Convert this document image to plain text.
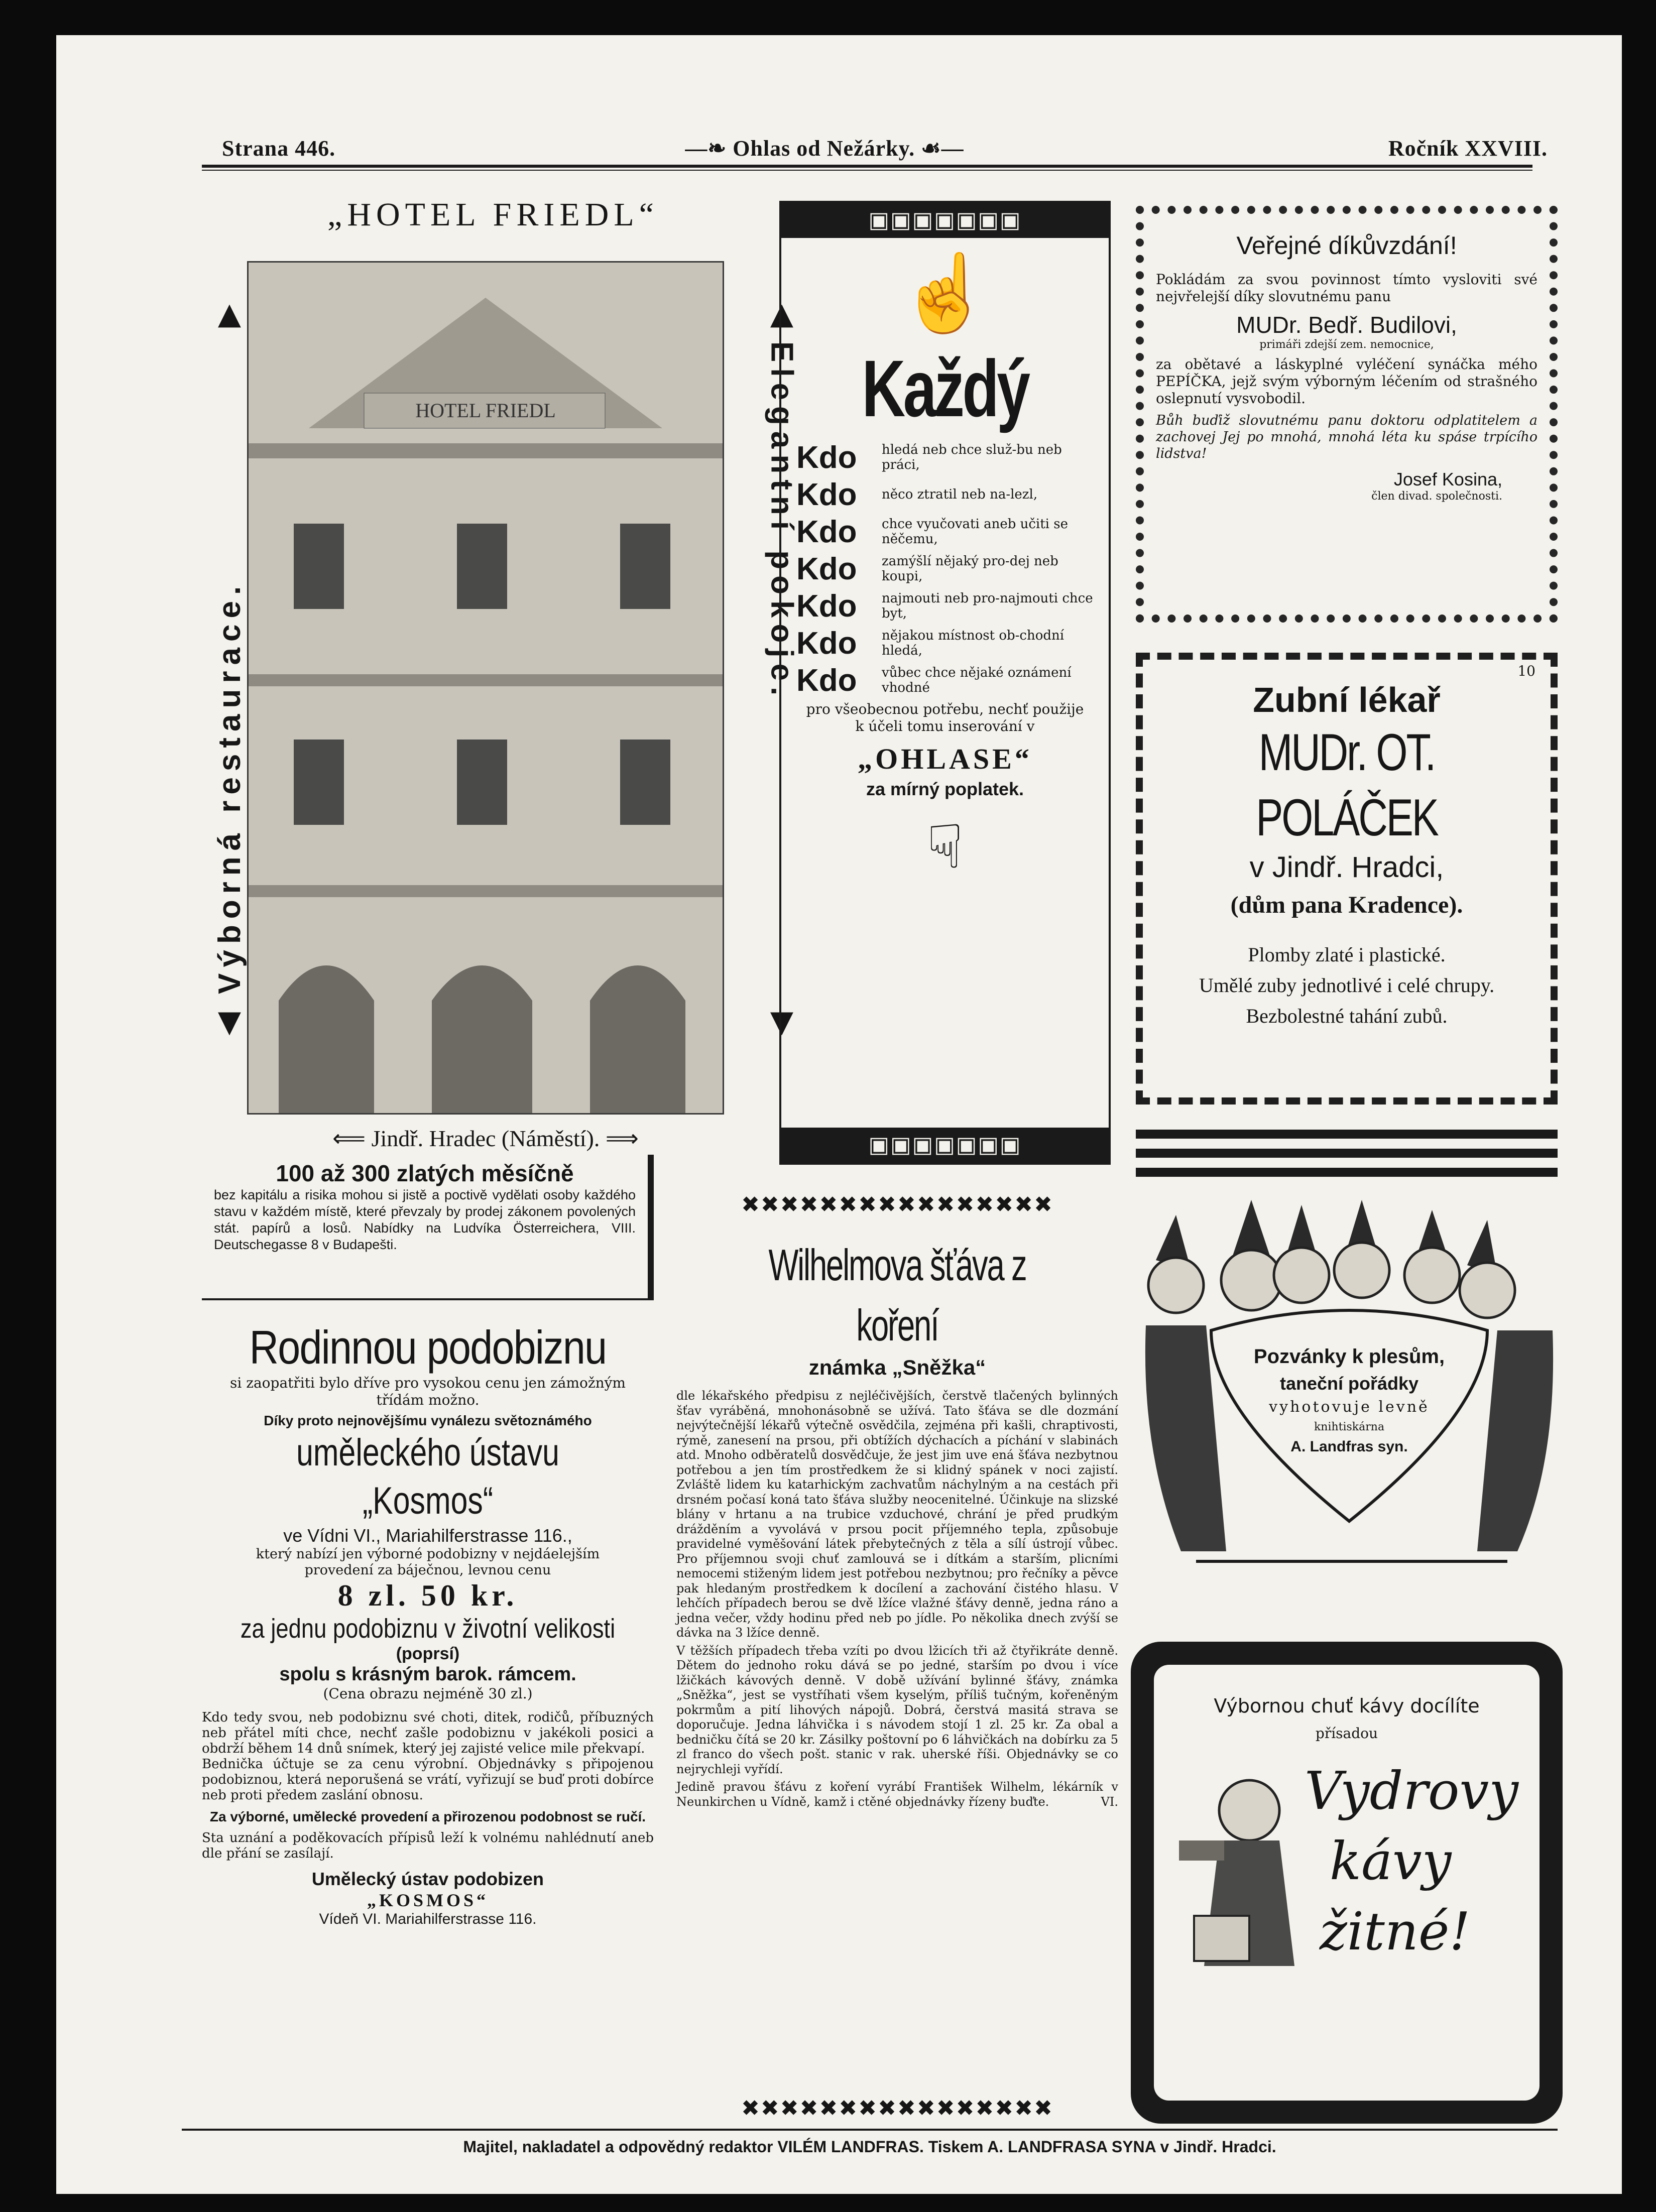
Strana 446.	—❧ Ohlas od Nežárky. ☙—	Ročník XXVIII.
„HOTEL FRIEDL“
▲
Výborná restaurace.
▼
HOTEL FRIEDL
▲
Elegantní pokoje.
▼
⟸ Jindř. Hradec (Náměstí). ⟹
▣▣▣▣▣▣▣
☝
Každý
Kdo	hledá neb chce služ-bu neb práci,
Kdo	něco ztratil neb na-lezl,
Kdo	chce vyučovati aneb učiti se něčemu,
Kdo	zamýšlí nějaký pro-dej neb koupi,
Kdo	najmouti neb pro-najmouti chce byt,
Kdo	nějakou místnost ob-chodní hledá,
Kdo	vůbec chce nějaké oznámení vhodné
pro všeobecnou potřebu, nechť použije k účeli tomu inserování v
„OHLASE“
za mírný poplatek.
☟
▣▣▣▣▣▣▣
Veřejné díkůvzdání!
Pokládám za svou povinnost tímto vysloviti své nejvřelejší díky slovutnému panu
MUDr. Bedř. Budilovi,
primáři zdejší zem. nemocnice,
za obětavé a láskyplné vyléčení synáčka mého PEPÍČKA, jejž svým výborným léčením od strašného oslepnutí vysvobodil.
Bůh buďiž slovutnému panu doktoru odplatitelem a zachovej Jej po mnohá, mnohá léta ku spáse trpícího lidstva!
Josef Kosina,
člen divad. společnosti.
10
Zubní lékař
MUDr. OT. POLÁČEK
v Jindř. Hradci,
(dům pana Kradence).
Plomby zlaté i plastické.
Umělé zuby jednotlivé i celé chrupy.
Bezbolestné tahání zubů.
100 až 300 zlatých měsíčně
bez kapitálu a risika mohou si jistě a poctivě vydělati osoby každého stavu v každém místě, které převzaly by prodej zákonem povolených stát. papírů a losů. Nabídky na Ludvíka Österreichera, VIII. Deutschegasse 8 v Budapešti.
Rodinnou podobiznu
si zaopatřiti bylo dříve pro vysokou cenu jen zámožným třídám možno.
Díky proto nejnovějšímu vynálezu světoznámého
uměleckého ústavu „Kosmos“
ve Vídni VI., Mariahilferstrasse 116.,
který nabízí jen výborné podobizny v nejdáelejším provedení za báječnou, levnou cenu
8 zl. 50 kr.
za jednu podobiznu v životní velikosti
(poprsí)
spolu s krásným barok. rámcem.
(Cena obrazu nejméně 30 zl.)
Kdo tedy svou, neb podobiznu své choti, ditek, rodičů, příbuzných neb přátel míti chce, nechť zašle podobiznu v jakékoli posici a obdrží během 14 dnů snímek, který jej zajisté velice mile překvapí.
Bednička účtuje se za cenu výrobní. Objednávky s připojenou podobiznou, která neporušená se vrátí, vyřizují se buď proti dobírce neb proti předem zaslání obnosu.
Za výborné, umělecké provedení a přirozenou podobnost se ručí.
Sta uznání a poděkovacích přípisů leží k volnému nahlédnutí aneb dle přání se zasílají.
Umělecký ústav podobizen
„KOSMOS“
Vídeň VI. Mariahilferstrasse 116.
✖✖✖✖✖✖✖✖✖✖✖✖✖✖✖✖
Wilhelmova šťáva z koření
známka „Sněžka“
dle lékařského předpisu z nejléčivějších, čerstvě tlačených bylinných šťav vyráběná, mnohonásobně se užívá. Tato šťáva se dle dozmání nejvýtečnější lékařů výtečně osvědčila, zejména při kašli, chraptivosti, rýmě, zanesení na prsou, při obtížích dýchacích a píchání v slabinách atd. Mnoho odběratelů dosvědčuje, že jest jim uve ená šťáva nezbytnou potřebou a jen tím prostředkem že si klidný spánek v noci zajistí. Zvláště lidem ku katarhickým zachvatům náchylným a na cestách při drsném počasí koná tato šťáva služby neocenitelné. Účinkuje na slizské blány v hrtanu a na trubice vzduchové, chrání je před prudkým drážděním a vyvolává v prsou pocit příjemného tepla, způsobuje pravidelné vyměšování látek přebytečných z těla a sílí ústrojí vůbec. Pro příjemnou svoji chuť zamlouvá se i dítkám a starším, plicními nemocemi stiženým lidem jest potřebou nezbytnou; pro řečníky a pěvce pak hledaným prostředkem k docílení a zachování čistého hlasu. V lehčích případech berou se dvě lžíce vlažné šťávy denně, jedna ráno a jedna večer, vždy hodinu před neb po jídle. Po několika dnech zvýší se dávka na 3 lžíce denně.
V těžších případech třeba vzíti po dvou lžicích tři až čtyřikráte denně. Dětem do jednoho roku dává se po jedné, starším po dvou i více lžičkách kávových denně. V době užívání bylinné šťávy, známka „Sněžka“, jest se vystříhati všem kyselým, příliš tučným, kořeněným pokrmům a pití lihových nápojů. Dobrá, čerstvá masitá strava se doporučuje. Jedna láhvička i s návodem stojí 1 zl. 25 kr. Za obal a bedničku čítá se 20 kr. Zásilky poštovní po 6 láhvičkách na dobírku za 5 zl franco do všech pošt. stanic v rak. uherské říši. Objednávky se co nejrychleji vyřídí.
Jedině pravou šťávu z koření vyrábí František Wilhelm, lékárník v Neunkirchen u Vídně, kamž i ctěné objednávky řízeny buďte.	VI.
✖✖✖✖✖✖✖✖✖✖✖✖✖✖✖✖
Pozvánky k plesům,
taneční pořádky
vyhotovuje levně
knihtiskárna
A. Landfras syn.
Výbornou chuť kávy docílíte
přísadou
Vydrovy
kávy
žitné!
Majitel, nakladatel a odpovědný redaktor VILÉM LANDFRAS. Tiskem A. LANDFRASA SYNA v Jindř. Hradci.
